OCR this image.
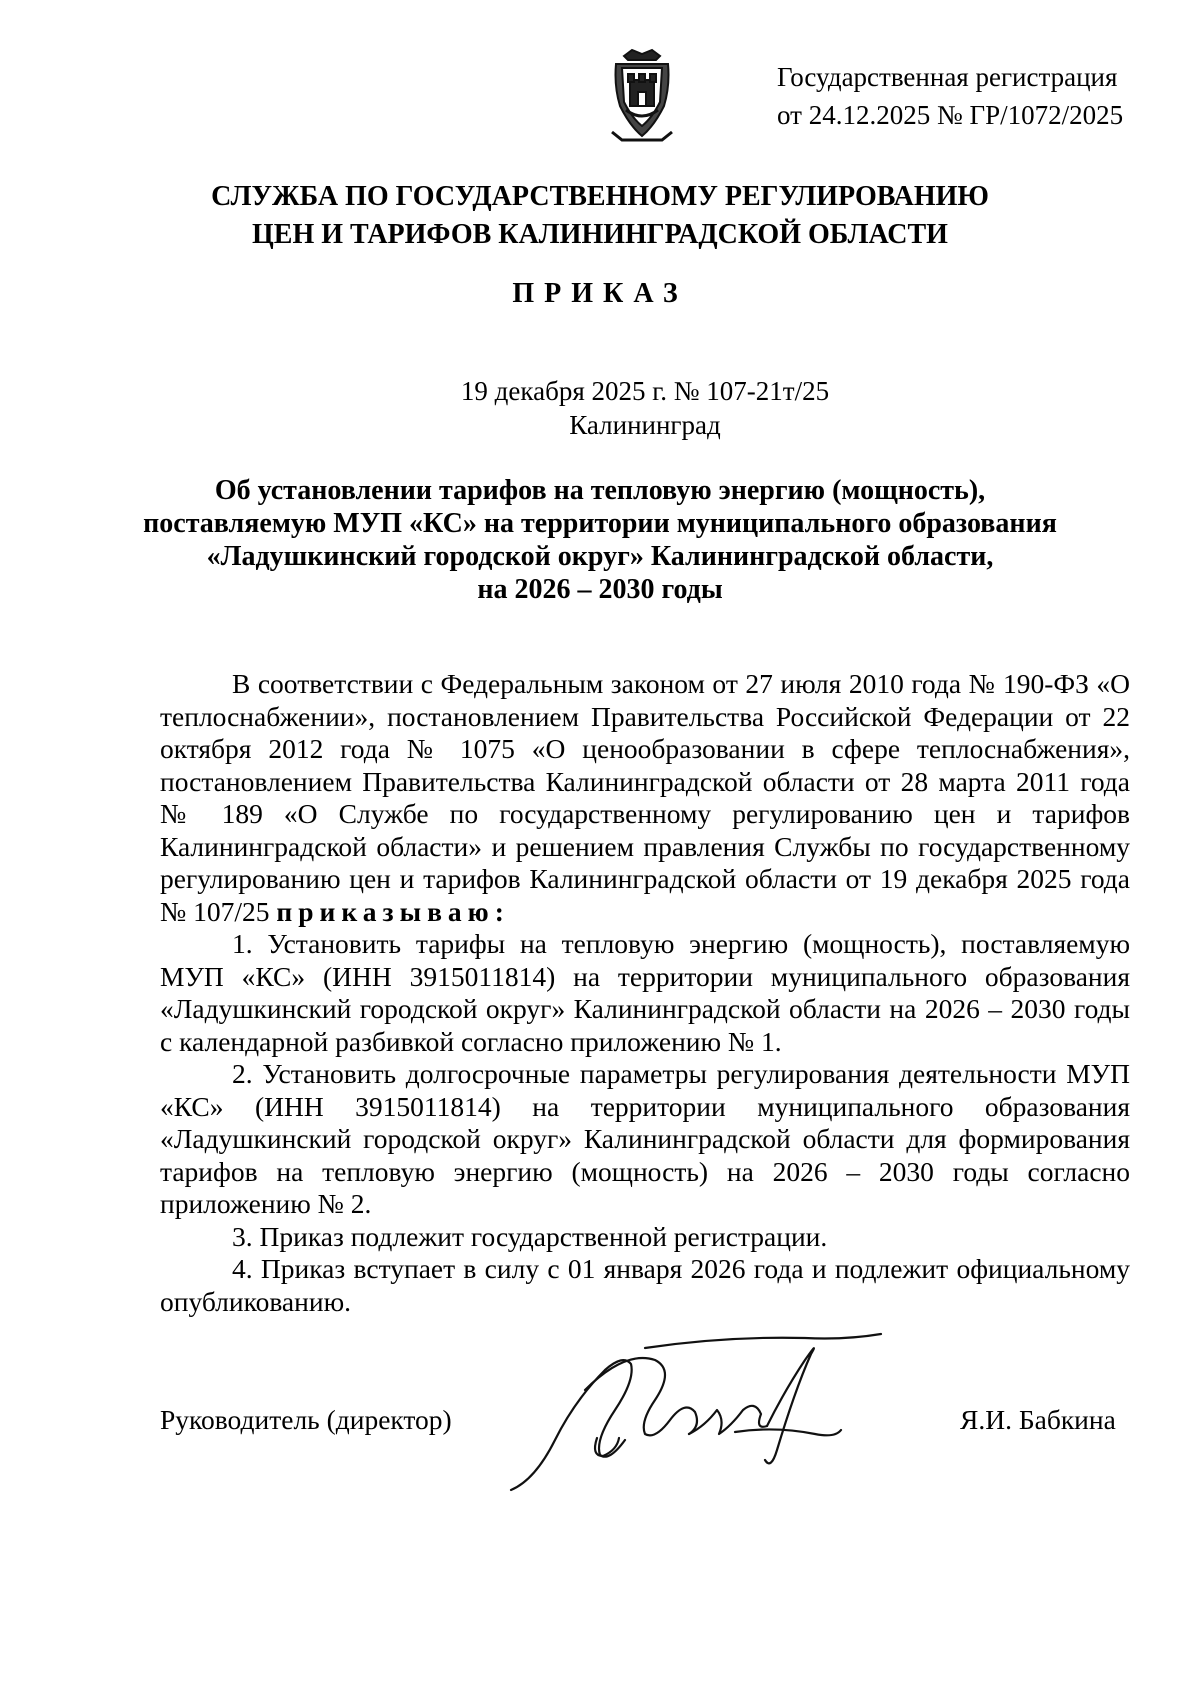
Государственная регистрация
от 24.12.2025 № ГР/1072/2025
СЛУЖБА ПО ГОСУДАРСТВЕННОМУ РЕГУЛИРОВАНИЮ
ЦЕН И ТАРИФОВ КАЛИНИНГРАДСКОЙ ОБЛАСТИ
ПРИКАЗ
19 декабря 2025 г. № 107-21т/25
Калининград
Об установлении тарифов на тепловую энергию (мощность),
поставляемую МУП «КС» на территории муниципального образования
«Ладушкинский городской округ» Калининградской области,
на 2026 – 2030 годы

В соответствии с Федеральным законом от 27 июля 2010 года № 190-ФЗ «О теплоснабжении», постановлением Правительства Российской Федерации от 22 октября 2012 года № 1075 «О ценообразовании в сфере теплоснабжения», постановлением Правительства Калининградской области от 28 марта 2011 года № 189 «О Службе по государственному регулированию цен и тарифов Калининградской области» и решением правления Службы по государственному регулированию цен и тарифов Калининградской области от 19 декабря 2025 года № 107/25 приказываю:

1. Установить тарифы на тепловую энергию (мощность), поставляемую МУП «КС» (ИНН 3915011814) на территории муниципального образования «Ладушкинский городской округ» Калининградской области на 2026 – 2030 годы с календарной разбивкой согласно приложению № 1.

2. Установить долгосрочные параметры регулирования деятельности МУП «КС» (ИНН 3915011814) на территории муниципального образования «Ладушкинский городской округ» Калининградской области для формирования тарифов на тепловую энергию (мощность) на 2026 – 2030 годы согласно приложению № 2.

3. Приказ подлежит государственной регистрации.

4. Приказ вступает в силу с 01 января 2026 года и подлежит официальному опубликованию.

Руководитель (директор)	Я.И. Бабкина
